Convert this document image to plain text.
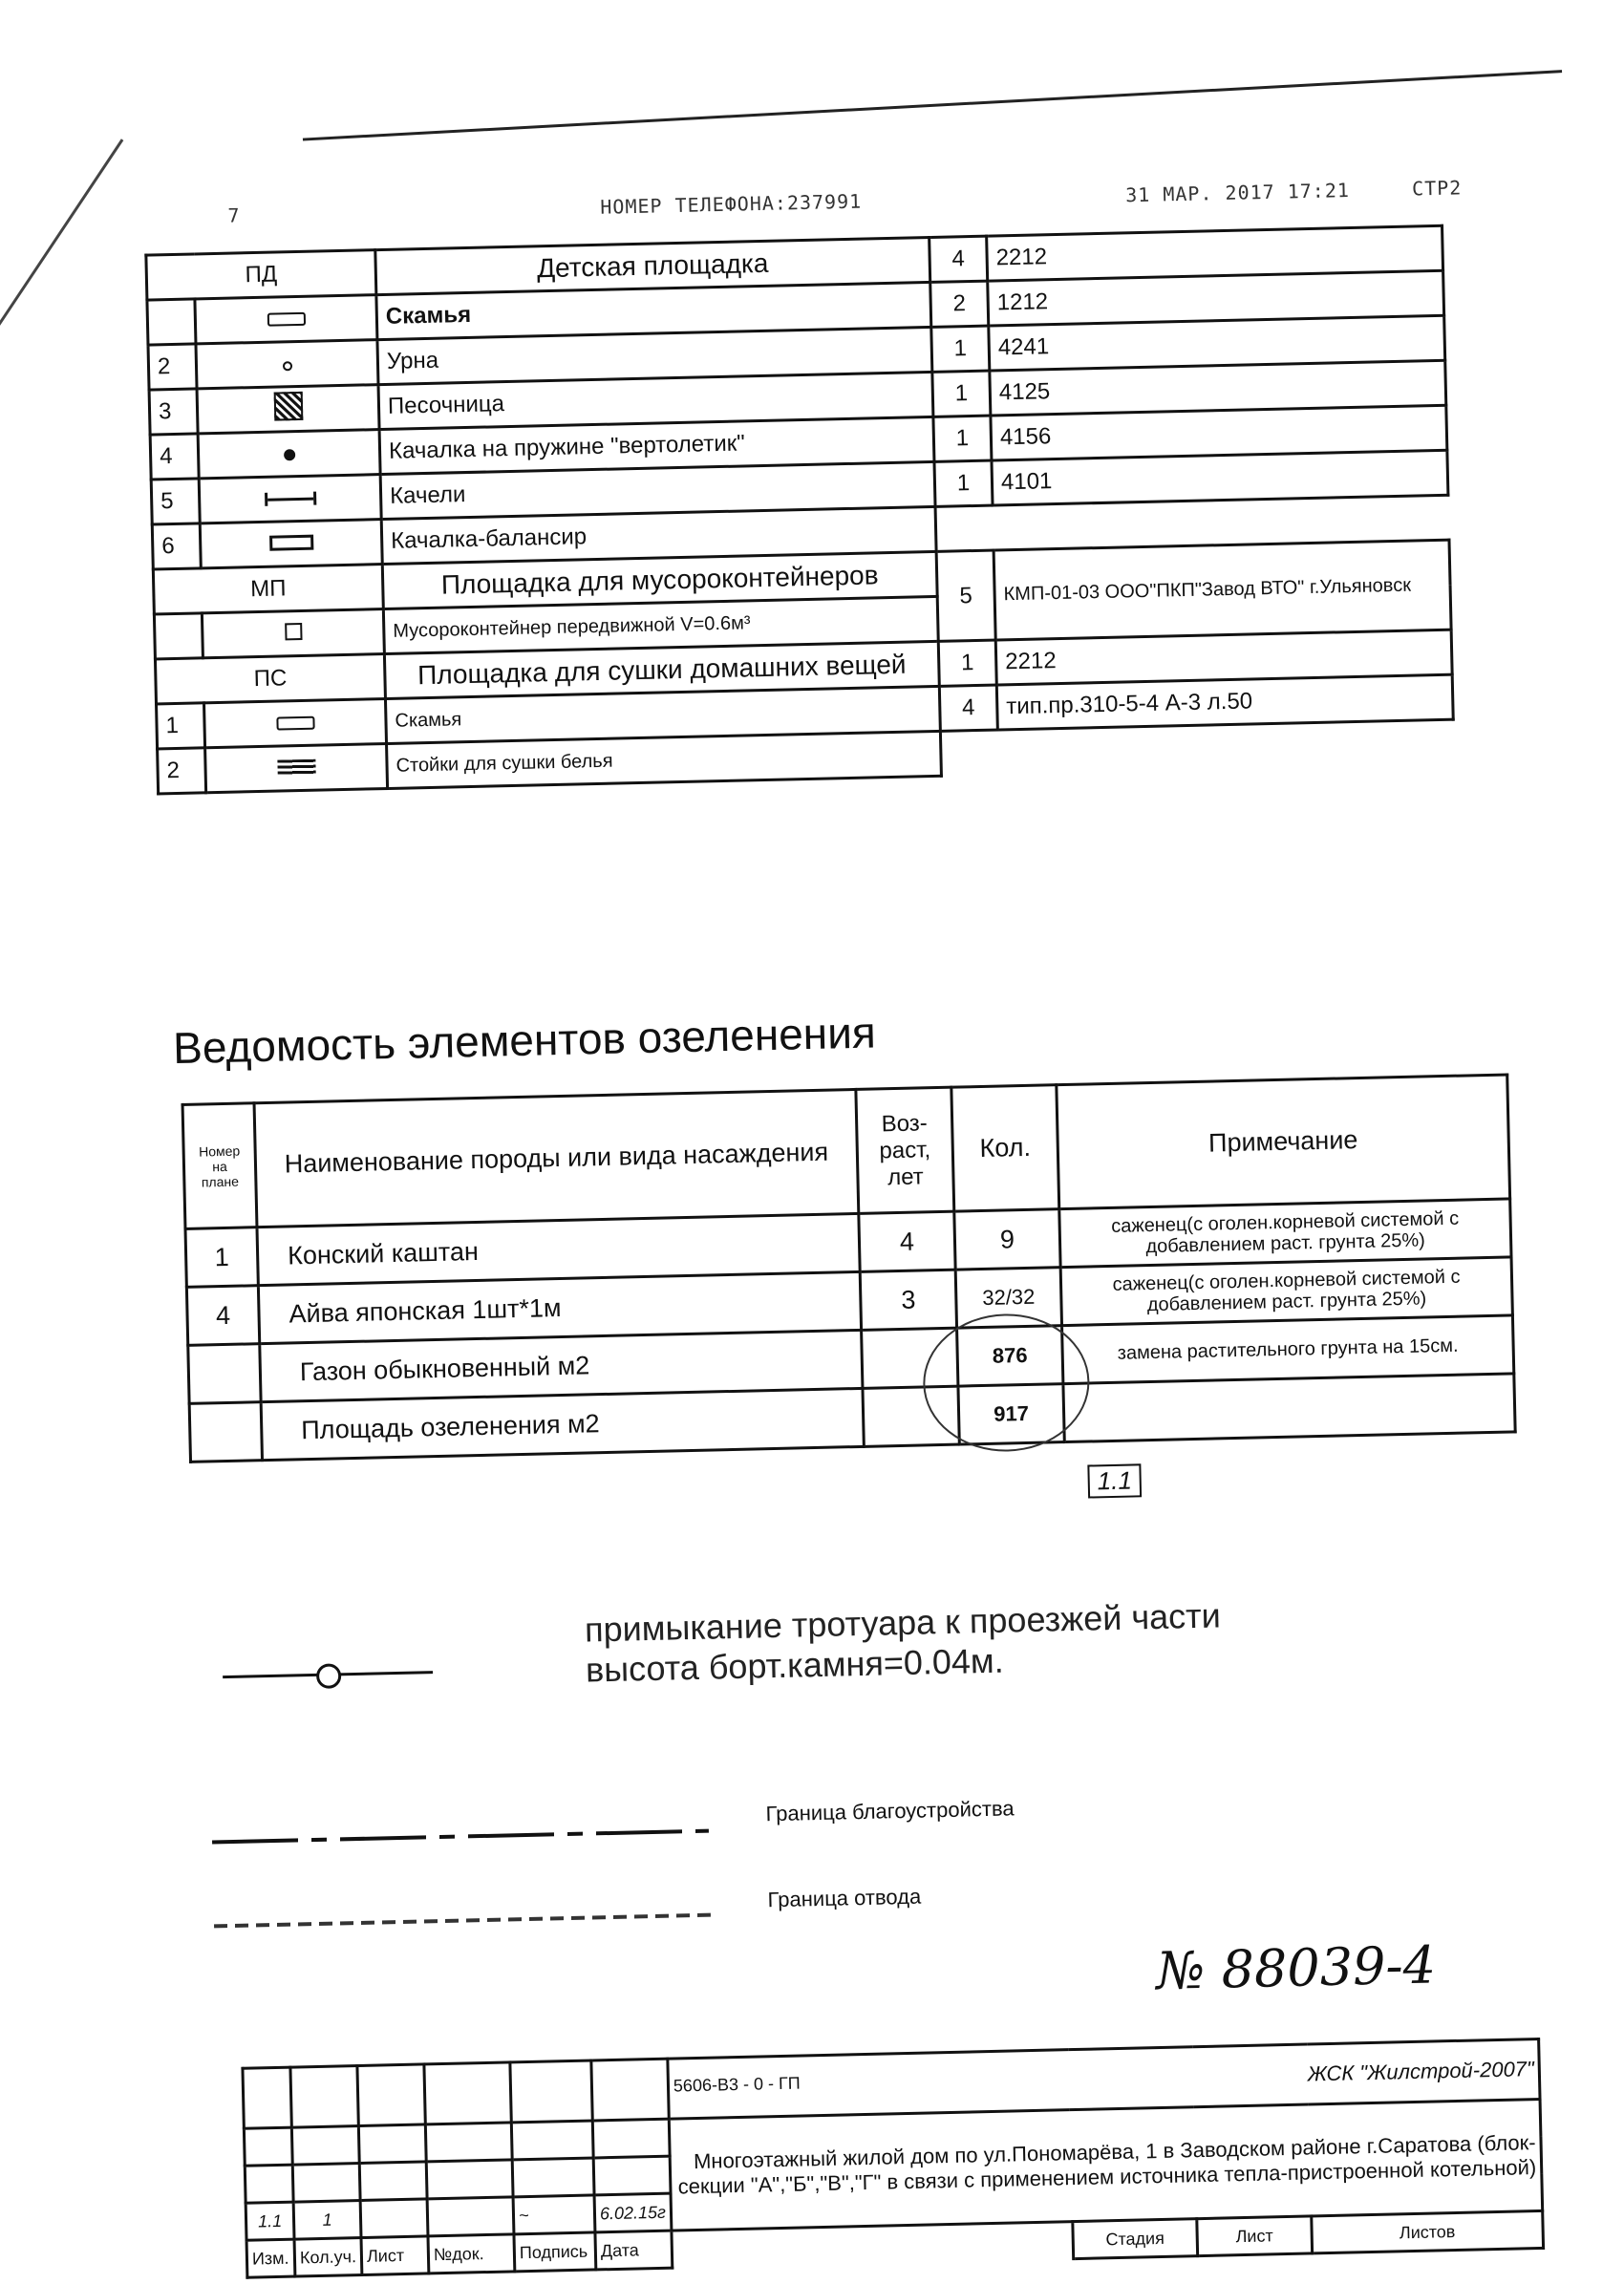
7	НОМЕР ТЕЛЕФОНА:237991	31 МАР. 2017 17:21	СТР2
ПД		Детская площадка	4	2212
		Скамья	2	1212
2		Урна	1	4241
3		Песочница	1	4125
4		Качалка на пружине "вертолетик"	1	4156
5		Качели	1	4101
6		Качалка-балансир		
МП		Площадка для мусороконтейнеров	5	КМП-01-03 ООО"ПКП"Завод ВТО" г.Ульяновск
		Мусороконтейнер передвижной V=0.6м³		
ПС		Площадка для сушки домашних вещей	1	2212
1		Скамья	4	тип.пр.310-5-4 А-3 л.50
2		Стойки для сушки белья		
Ведомость элементов озеленения
Номер на плане	Наименование породы или вида насаждения	Воз-раст, лет	Кол.	Примечание
1	Конский каштан	4	9	саженец(с оголен.корневой системой с добавлением раст. грунта 25%)
4	Айва японская 1шт*1м	3	32/32	саженец(с оголен.корневой системой с добавлением раст. грунта 25%)
	Газон обыкновенный м2		876	замена растительного грунта на 15см.
	Площадь озеленения м2		917	
1.1
примыкание тротуара к проезжей части
высота борт.камня=0.04м.
Граница благоустройства
Граница отвода
№ 88039-4
						5606-В3 - 0 - ГП ЖСК "Жилстрой-2007"			

						Многоэтажный жилой дом по ул.Пономарёва, 1 в Заводском районе г.Саратова (блок-секции "А","Б","В","Г" в связи с применением источника тепла-пристроенной котельной)			

1.1	1			~	6.02.15г				
Изм.	Кол.уч.	Лист	№док.	Подпись	Дата		Стадия	Лист	Листов
